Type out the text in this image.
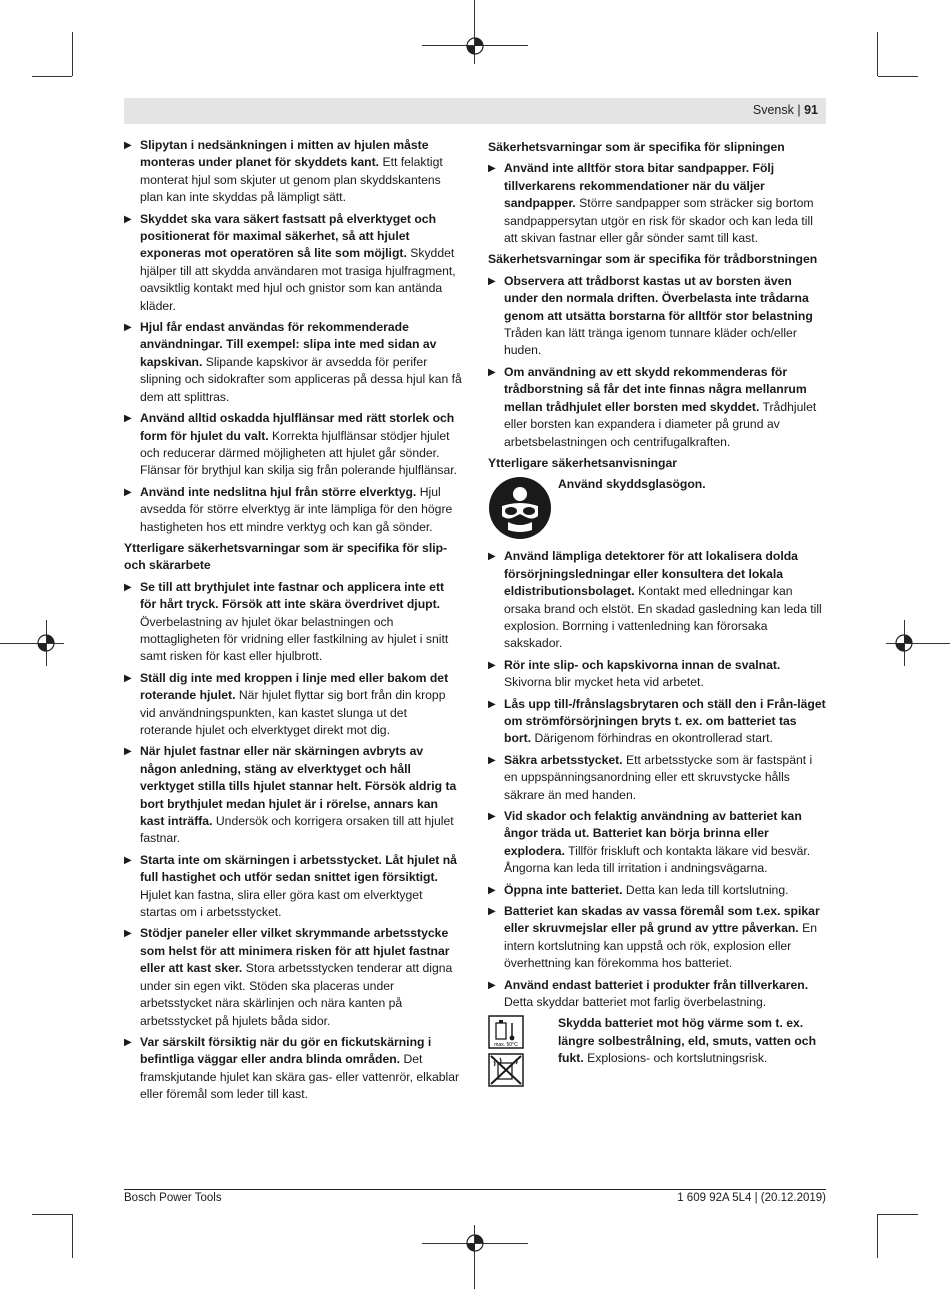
Svensk | 91
▶ Slipytan i nedsänkningen i mitten av hjulen måste monteras under planet för skyddets kant. Ett felaktigt monterat hjul som skjuter ut genom plan skyddskantens plan kan inte skyddas på lämpligt sätt.
▶ Skyddet ska vara säkert fastsatt på elverktyget och positionerat för maximal säkerhet, så att hjulet exponeras mot operatören så lite som möjligt. Skyddet hjälper till att skydda användaren mot trasiga hjulfragment, oavsiktlig kontakt med hjul och gnistor som kan antända kläder.
▶ Hjul får endast användas för rekommenderade användningar. Till exempel: slipa inte med sidan av kapskivan. Slipande kapskivor är avsedda för perifer slipning och sidokrafter som appliceras på dessa hjul kan få dem att splittras.
▶ Använd alltid oskadda hjulflänsar med rätt storlek och form för hjulet du valt. Korrekta hjulflänsar stödjer hjulet och reducerar därmed möjligheten att hjulet går sönder. Flänsar för brythjul kan skilja sig från polerande hjulflänsar.
▶ Använd inte nedslitna hjul från större elverktyg. Hjul avsedda för större elverktyg är inte lämpliga för den högre hastigheten hos ett mindre verktyg och kan gå sönder.
Ytterligare säkerhetsvarningar som är specifika för slip- och skärarbete
▶ Se till att brythjulet inte fastnar och applicera inte ett för hårt tryck. Försök att inte skära överdrivet djupt. Överbelastning av hjulet ökar belastningen och mottagligheten för vridning eller fastkilning av hjulet i snitt samt risken för kast eller hjulbrott.
▶ Ställ dig inte med kroppen i linje med eller bakom det roterande hjulet. När hjulet flyttar sig bort från din kropp vid användningspunkten, kan kastet slunga ut det roterande hjulet och elverktyget direkt mot dig.
▶ När hjulet fastnar eller när skärningen avbryts av någon anledning, stäng av elverktyget och håll verktyget stilla tills hjulet stannar helt. Försök aldrig ta bort brythjulet medan hjulet är i rörelse, annars kan kast inträffa. Undersök och korrigera orsaken till att hjulet fastnar.
▶ Starta inte om skärningen i arbetsstycket. Låt hjulet nå full hastighet och utför sedan snittet igen försiktigt. Hjulet kan fastna, slira eller göra kast om elverktyget startas om i arbetsstycket.
▶ Stödjer paneler eller vilket skrymmande arbetsstycke som helst för att minimera risken för att hjulet fastnar eller att kast sker. Stora arbetsstycken tenderar att digna under sin egen vikt. Stöden ska placeras under arbetsstycket nära skärlinjen och nära kanten på arbetsstycket på hjulets båda sidor.
▶ Var särskilt försiktig när du gör en fickutskärning i befintliga väggar eller andra blinda områden. Det framskjutande hjulet kan skära gas- eller vattenrör, elkablar eller föremål som leder till kast.
Säkerhetsvarningar som är specifika för slipningen
▶ Använd inte alltför stora bitar sandpapper. Följ tillverkarens rekommendationer när du väljer sandpapper. Större sandpapper som sträcker sig bortom sandpappersytan utgör en risk för skador och kan leda till att skivan fastnar eller går sönder samt till kast.
Säkerhetsvarningar som är specifika för trådborstningen
▶ Observera att trådborst kastas ut av borsten även under den normala driften. Överbelasta inte trådarna genom att utsätta borstarna för alltför stor belastning Tråden kan lätt tränga igenom tunnare kläder och/eller huden.
▶ Om användning av ett skydd rekommenderas för trådborstning så får det inte finnas några mellanrum mellan trådhjulet eller borsten med skyddet. Trådhjulet eller borsten kan expandera i diameter på grund av arbetsbelastningen och centrifugalkraften.
Ytterligare säkerhetsanvisningar
Använd skyddsglasögon.
▶ Använd lämpliga detektorer för att lokalisera dolda försörjningsledningar eller konsultera det lokala eldistributionsbolaget. Kontakt med elledningar kan orsaka brand och elstöt. En skadad gasledning kan leda till explosion. Borrning i vattenledning kan förorsaka sakskador.
▶ Rör inte slip- och kapskivorna innan de svalnat. Skivorna blir mycket heta vid arbetet.
▶ Lås upp till-/frånslagsbrytaren och ställ den i Från-läget om strömförsörjningen bryts t. ex. om batteriet tas bort. Därigenom förhindras en okontrollerad start.
▶ Säkra arbetsstycket. Ett arbetsstycke som är fastspänt i en uppspänningsanordning eller ett skruvstycke hålls säkrare än med handen.
▶ Vid skador och felaktig användning av batteriet kan ångor träda ut. Batteriet kan börja brinna eller explodera. Tillför friskluft och kontakta läkare vid besvär. Ångorna kan leda till irritation i andningsvägarna.
▶ Öppna inte batteriet. Detta kan leda till kortslutning.
▶ Batteriet kan skadas av vassa föremål som t.ex. spikar eller skruvmejslar eller på grund av yttre påverkan. En intern kortslutning kan uppstå och rök, explosion eller överhettning kan förekomma hos batteriet.
▶ Använd endast batteriet i produkter från tillverkaren. Detta skyddar batteriet mot farlig överbelastning.
max. 50°C
Skydda batteriet mot hög värme som t. ex. längre solbestrålning, eld, smuts, vatten och fukt. Explosions- och kortslutningsrisk.
Bosch Power Tools	1 609 92A 5L4 | (20.12.2019)
